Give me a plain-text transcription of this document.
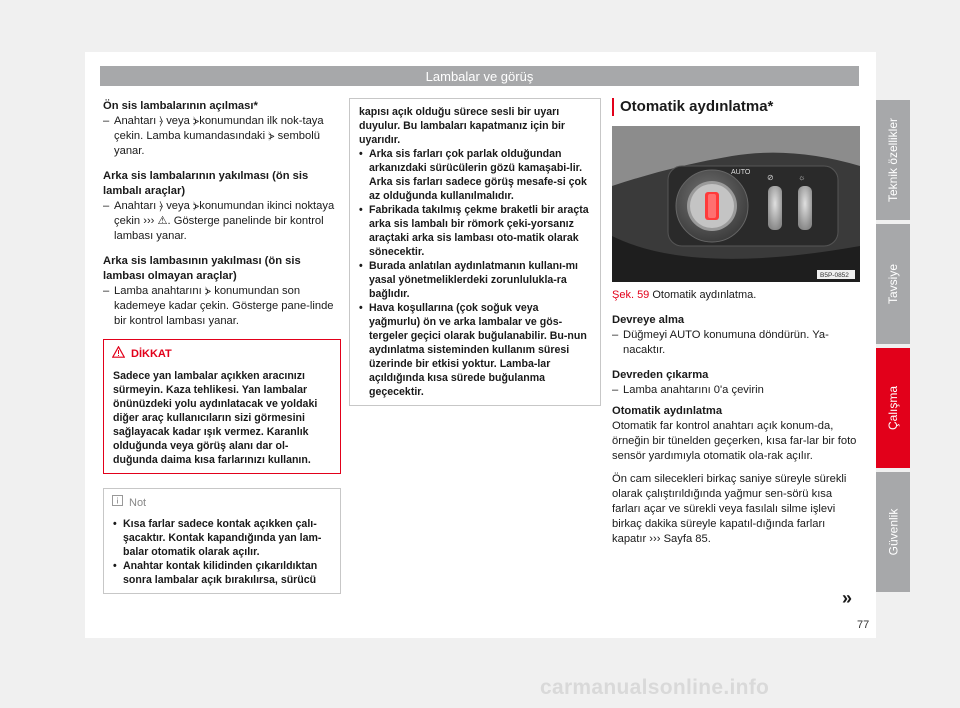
Lambalar ve görüş
Teknik özellikler
Tavsiye
Çalışma
Güvenlik

Ön sis lambalarının açılması*

– Anahtarı ⦒ veya ⦔konumundan ilk nok-taya çekin. Lamba kumandasındaki ⦔ sembolü yanar.

Arka sis lambalarının yakılması (ön sis lambalı araçlar)

– Anahtarı ⦒ veya ⦔konumundan ikinci noktaya çekin ››› ⚠. Gösterge panelinde bir kontrol lambası yanar.

Arka sis lambasının yakılması (ön sis lambası olmayan araçlar)

– Lamba anahtarını ⦔ konumundan son kademeye kadar çekin. Gösterge pane-linde bir kontrol lambası yanar.

DİKKAT
Sadece yan lambalar açıkken aracınızı sürmeyin. Kaza tehlikesi. Yan lambalar önünüzdeki yolu aydınlatacak ve yoldaki diğer araç kullanıcıların sizi görmesini sağlayacak kadar ışık vermez. Karanlık olduğunda veya görüş alanı dar ol-duğunda daima kısa farlarınızı kullanın.
Not

• Kısa farlar sadece kontak açıkken çalı-şacaktır. Kontak kapandığında yan lam-balar otomatik olarak açılır.

• Anahtar kontak kilidinden çıkarıldıktan sonra lambalar açık bırakılırsa, sürücü

kapısı açık olduğu sürece sesli bir uyarı duyulur. Bu lambaları kapatmanız için bir uyarıdır.

• Arka sis farları çok parlak olduğundan arkanızdaki sürücülerin gözü kamaşabi-lir. Arka sis farları sadece görüş mesafe-si çok az olduğunda kullanılmalıdır.

• Fabrikada takılmış çekme braketli bir araçta arka sis lambalı bir römork çeki-yorsanız araçtaki arka sis lambası oto-matik olarak sönecektir.

• Burada anlatılan aydınlatmanın kullanı-mı yasal yönetmeliklerdeki zorunlulukla-ra bağlıdır.

• Hava koşullarına (çok soğuk veya yağmurlu) ön ve arka lambalar ve gös-tergeler geçici olarak buğulanabilir. Bu-nun aydınlatma sisteminden kullanım süresi üzerinde bir etkisi yoktur. Lamba-lar açıldığında kısa sürede buğulanma geçecektir.

Otomatik aydınlatma*

AUTO
⊘	☼
B5P-0852

Şek. 59 Otomatik aydınlatma.

Devreye alma

– Düğmeyi AUTO konumuna döndürün. Ya-nacaktır.

Devreden çıkarma

– Lamba anahtarını 0'a çevirin

Otomatik aydınlatma

Otomatik far kontrol anahtarı açık konum-da, örneğin bir tünelden geçerken, kısa far-lar bir foto sensör yardımıyla otomatik ola-rak açılır.

Ön cam silecekleri birkaç saniye süreyle sürekli olarak çalıştırıldığında yağmur sen-sörü kısa farları açar ve sürekli veya fasılalı silme işlevi birkaç dakika süreyle kapatıl-dığında farları kapatır ››› Sayfa 85.

»
77
carmanualsonline.info
